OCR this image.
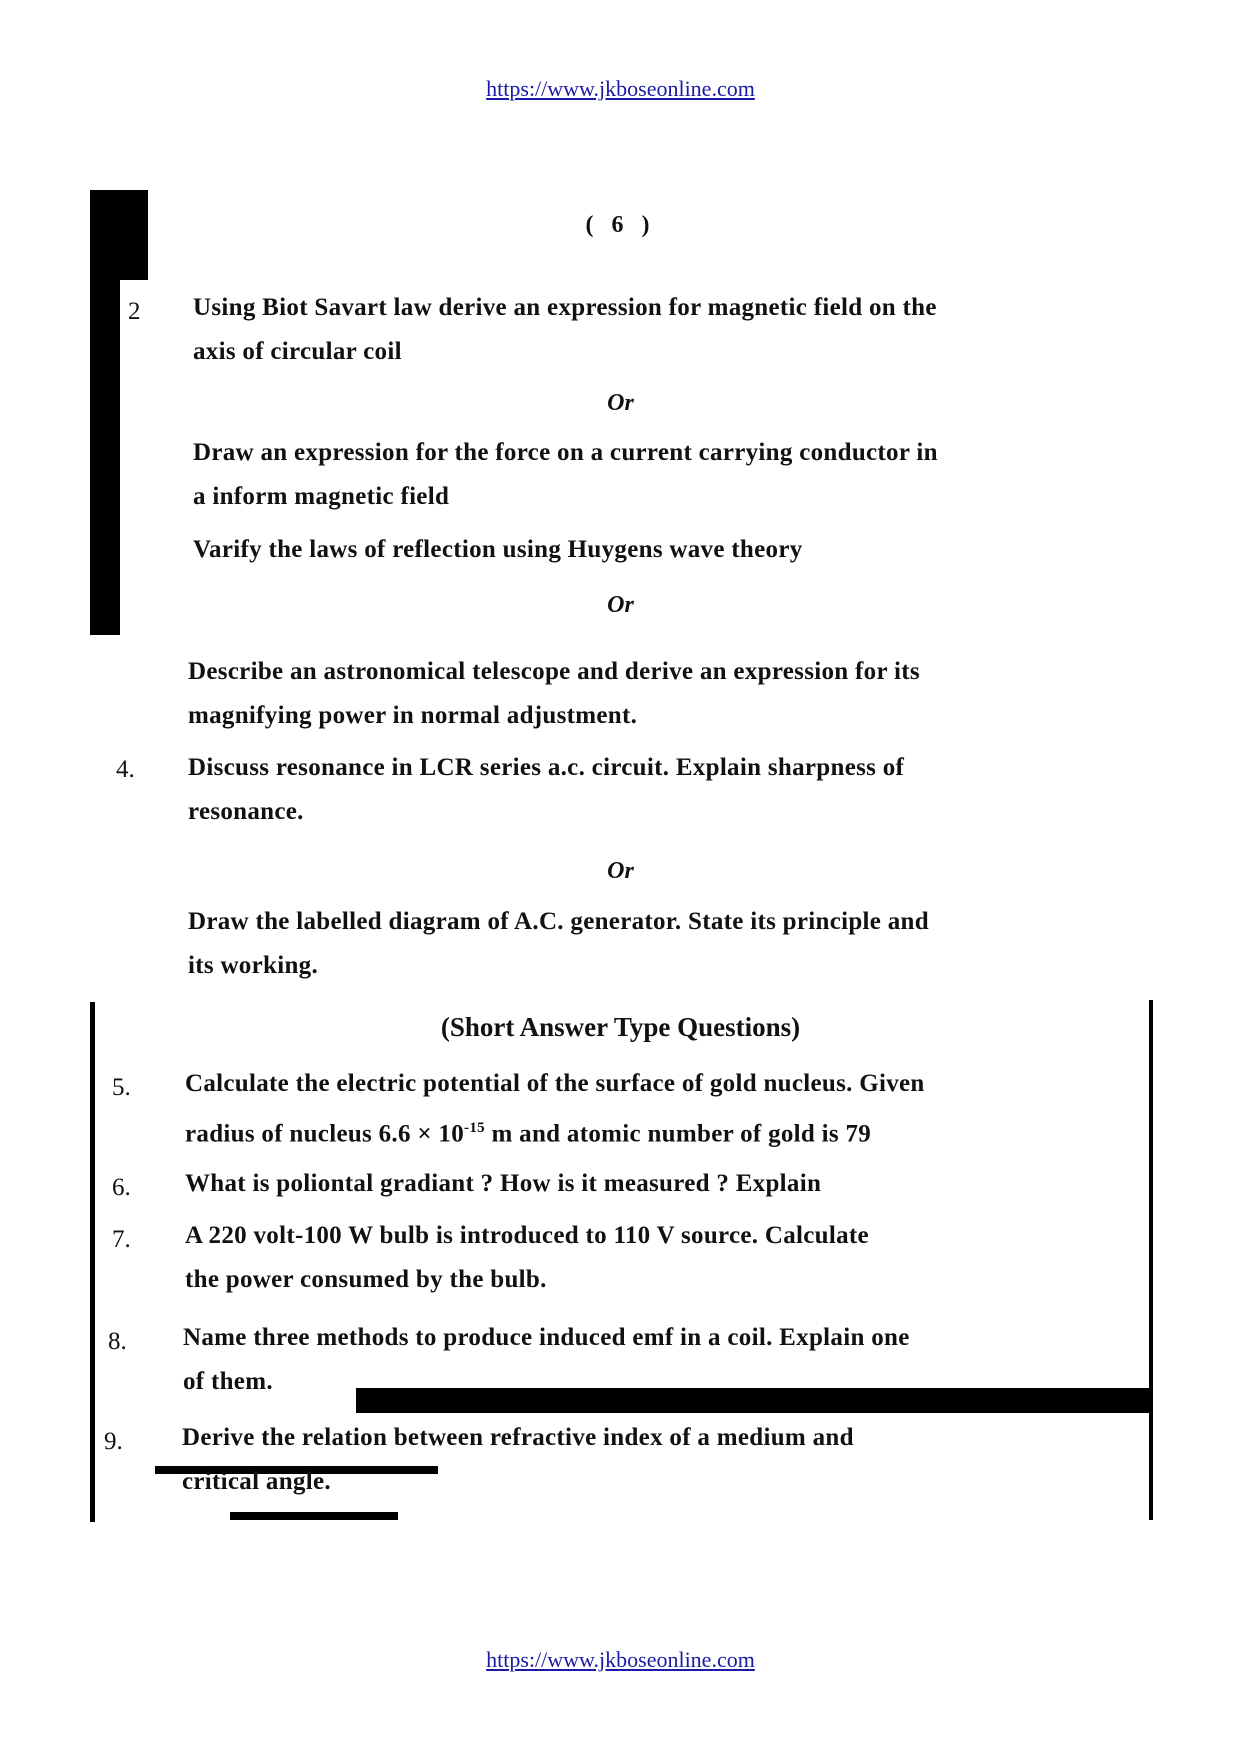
https://www.jkboseonline.com
( 6 )
2 Using Biot Savart law derive an expression for magnetic field on the
axis of circular coil
Or
Draw an expression for the force on a current carrying conductor in
a inform magnetic field
3. Varify the laws of reflection using Huygens wave theory
Or
Describe an astronomical telescope and derive an expression for its
magnifying power in normal adjustment.
4. Discuss resonance in LCR series a.c. circuit. Explain sharpness of
resonance.
Or
Draw the labelled diagram of A.C. generator. State its principle and
its working.
(Short Answer Type Questions)
5. Calculate the electric potential of the surface of gold nucleus. Given
radius of nucleus $6.6 \times 10^{-15}$ m and atomic number of gold is 79
6. What is poliontal gradiant ? How is it measured ? Explain
7. A 220 volt-100 W bulb is introduced to 110 V source. Calculate
the power consumed by the bulb.
8. Name three methods to produce induced emf in a coil. Explain one
of them.
9. Derive the relation between refractive index of a medium and
critical angle.
https://www.jkboseonline.com
